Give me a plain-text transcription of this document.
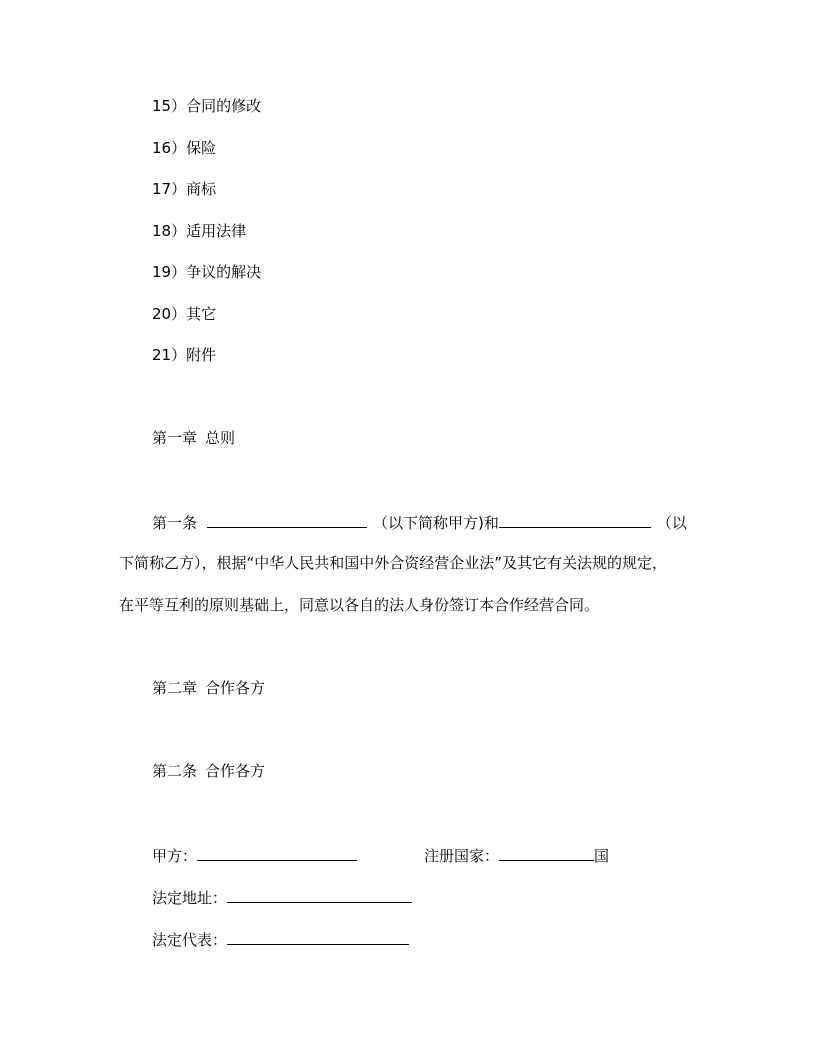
15）合同的修改
16）保险
17）商标
18）适用法律
19）争议的解决
20）其它
21）附件
第一章 总则
第一条	（以下简称甲方)和	（以
下简称乙方），根据“中华人民共和国中外合资经营企业法”及其它有关法规的规定，
在平等互利的原则基础上，同意以各自的法人身份签订本合作经营合同。
第二章 合作各方
第二条 合作各方
甲方：	注册国家：	国
法定地址：
法定代表：
